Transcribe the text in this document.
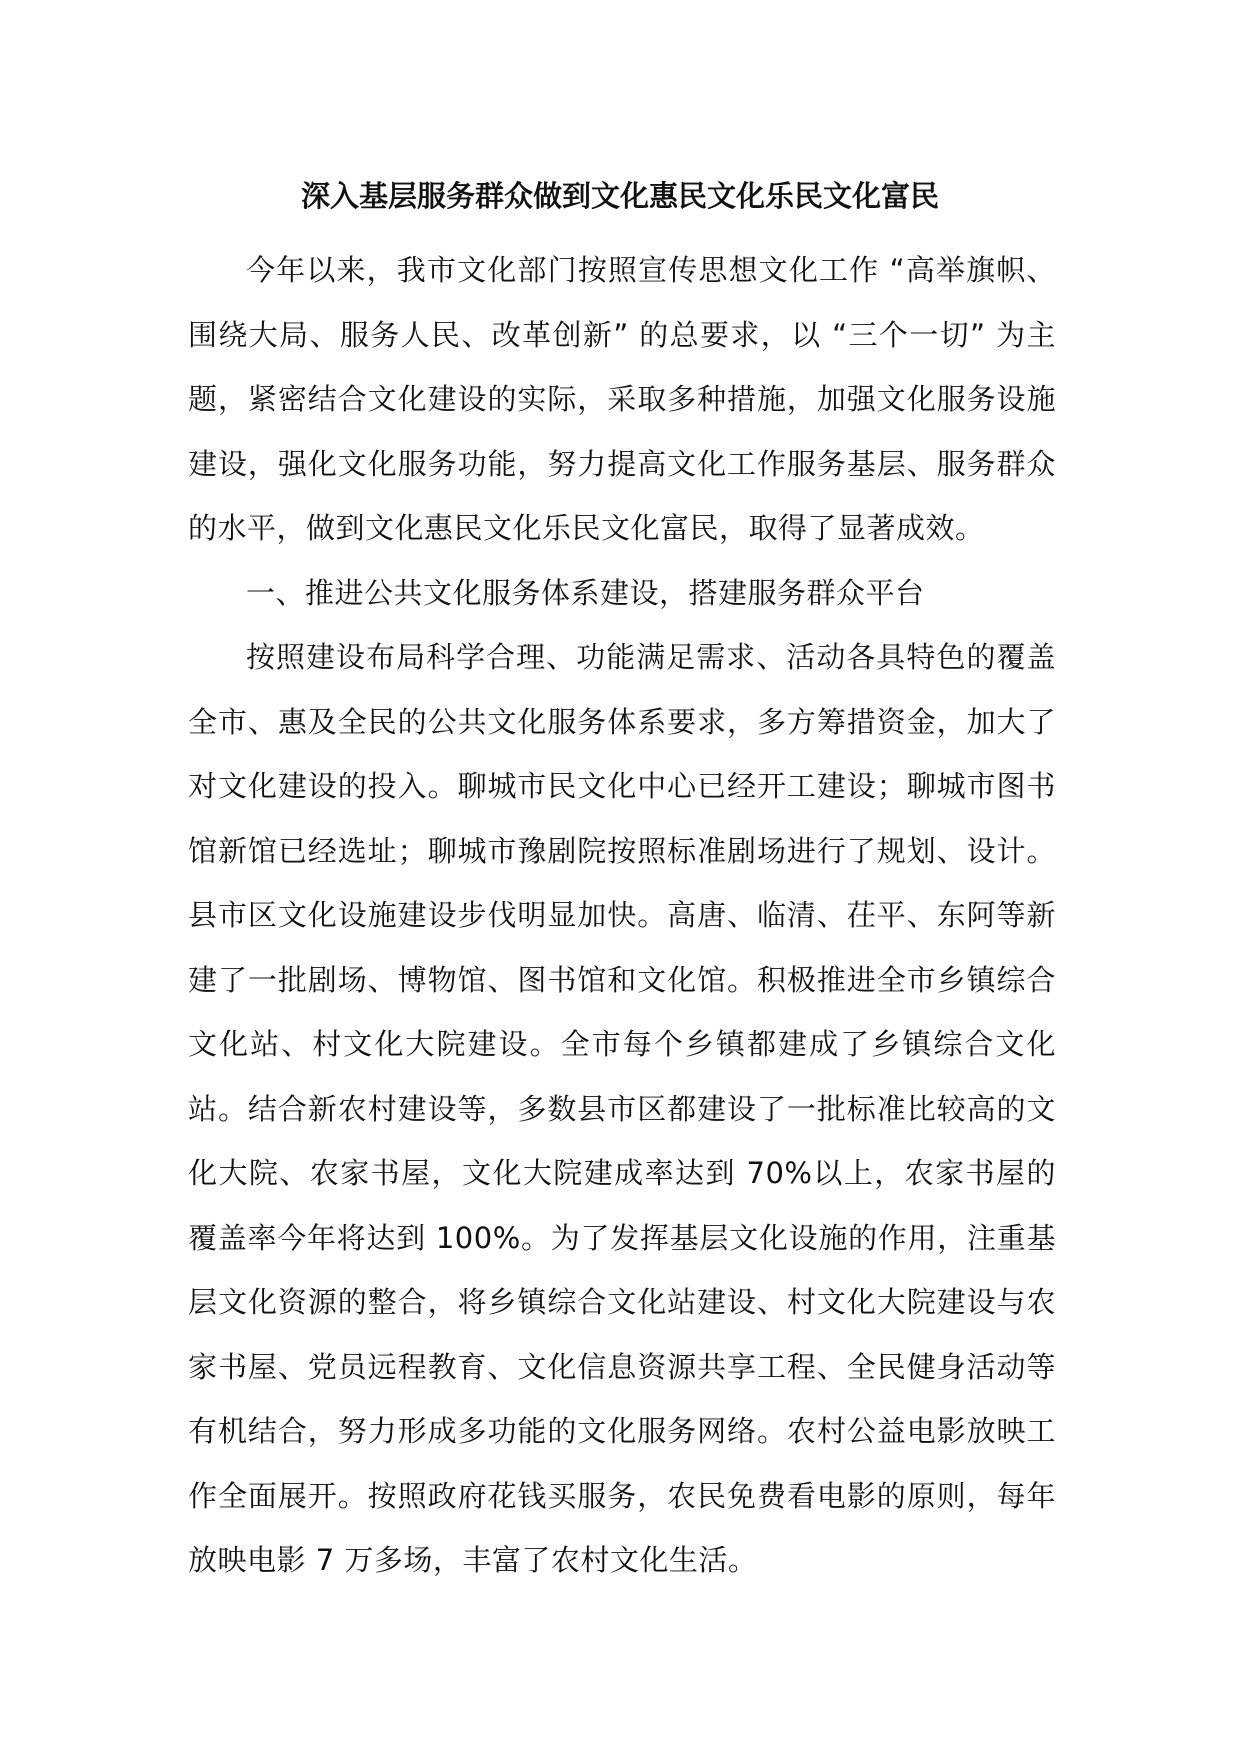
深入基层服务群众做到文化惠民文化乐民文化富民

今年以来，我市文化部门按照宣传思想文化工作 “高举旗帜、围绕大局、服务人民、改革创新” 的总要求，以 “三个一切” 为主题，紧密结合文化建设的实际，采取多种措施，加强文化服务设施建设，强化文化服务功能，努力提高文化工作服务基层、服务群众的水平，做到文化惠民文化乐民文化富民，取得了显著成效。

一、推进公共文化服务体系建设，搭建服务群众平台

按照建设布局科学合理、功能满足需求、活动各具特色的覆盖全市、惠及全民的公共文化服务体系要求，多方筹措资金，加大了对文化建设的投入。聊城市民文化中心已经开工建设；聊城市图书馆新馆已经选址；聊城市豫剧院按照标准剧场进行了规划、设计。县市区文化设施建设步伐明显加快。高唐、临清、茌平、东阿等新建了一批剧场、博物馆、图书馆和文化馆。积极推进全市乡镇综合文化站、村文化大院建设。全市每个乡镇都建成了乡镇综合文化站。结合新农村建设等，多数县市区都建设了一批标准比较高的文化大院、农家书屋，文化大院建成率达到 70%以上，农家书屋的覆盖率今年将达到 100%。为了发挥基层文化设施的作用，注重基层文化资源的整合，将乡镇综合文化站建设、村文化大院建设与农家书屋、党员远程教育、文化信息资源共享工程、全民健身活动等有机结合，努力形成多功能的文化服务网络。农村公益电影放映工作全面展开。按照政府花钱买服务，农民免费看电影的原则，每年放映电影 7 万多场，丰富了农村文化生活。
